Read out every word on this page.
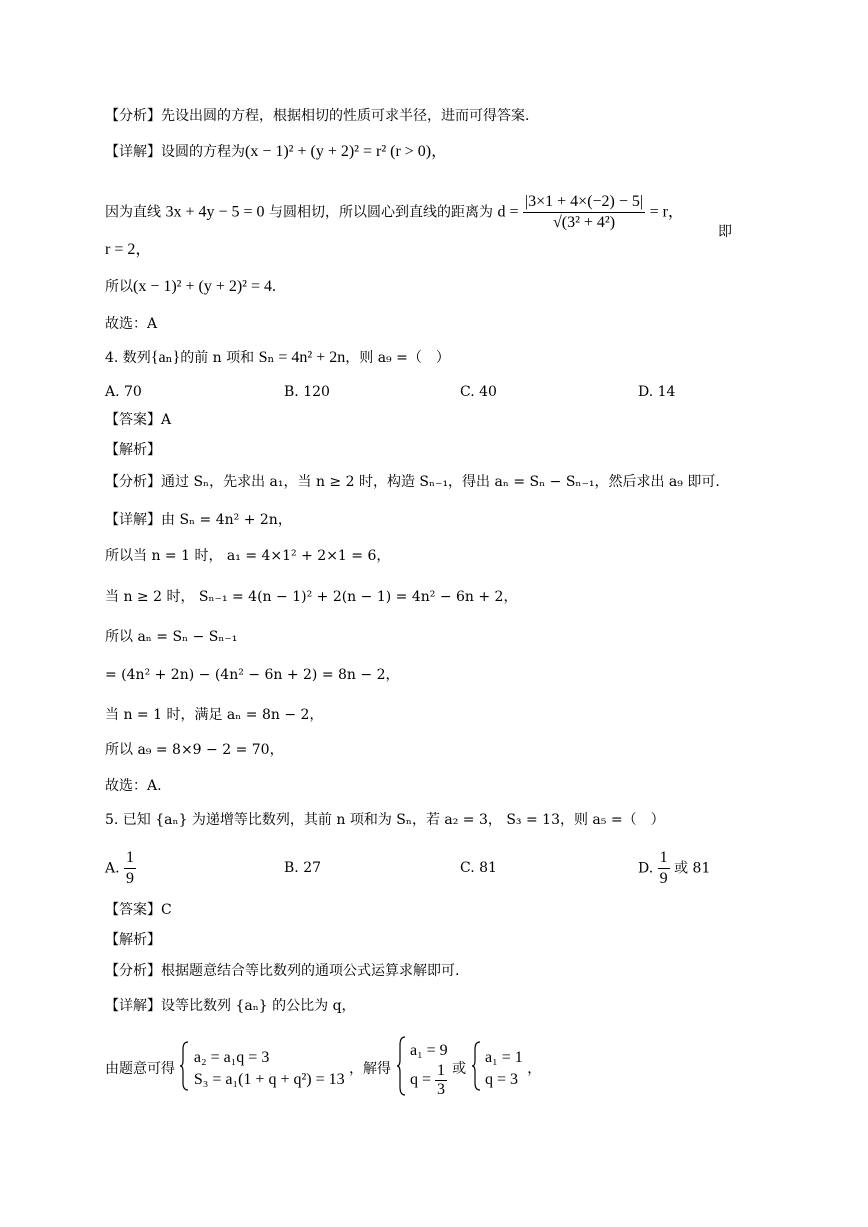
【分析】先设出圆的方程，根据相切的性质可求半径，进而可得答案.
【详解】设圆的方程为(x − 1)² + (y + 2)² = r² (r > 0)，
因为直线 3x + 4y − 5 = 0 与圆相切，所以圆心到直线的距离为 $d = \frac{|3\times 1 + 4\times(-2) - 5|}{\text{√(3² + 4²)}} = r$，
即
r = 2，
所以(x − 1)² + (y + 2)² = 4.
故选：A
4. 数列{aₙ}的前 n 项和 Sₙ = 4n² + 2n，则 a₉ =（　）
A. 70	B. 120	C. 40	D. 14
【答案】A
【解析】
【分析】通过 Sₙ，先求出 a₁，当 n ≥ 2 时，构造 Sₙ₋₁，得出 aₙ = Sₙ − Sₙ₋₁，然后求出 a₉ 即可.
【详解】由 Sₙ = 4n² + 2n，
所以当 n = 1 时， a₁ = 4×1² + 2×1 = 6，
当 n ≥ 2 时， Sₙ₋₁ = 4(n − 1)² + 2(n − 1) = 4n² − 6n + 2，
所以 aₙ = Sₙ − Sₙ₋₁
= (4n² + 2n) − (4n² − 6n + 2) = 8n − 2，
当 n = 1 时，满足 aₙ = 8n − 2，
所以 a₉ = 8×9 − 2 = 70，
故选：A.
5. 已知 {aₙ} 为递增等比数列，其前 n 项和为 Sₙ，若 a₂ = 3， S₃ = 13，则 a₅ =（　）
A. $\frac{1}{9}$	B. 27	C. 81	D. $\frac{1}{9}$ 或 81
【答案】C
【解析】
【分析】根据题意结合等比数列的通项公式运算求解即可.
【详解】设等比数列 {aₙ} 的公比为 q，
由题意可得
a₂ = a₁q = 3
S₃ = a₁(1 + q + q²) = 13
，解得
a₁ = 9
$q = \frac{1}{3}$ 或
a₁ = 1
q = 3
，
